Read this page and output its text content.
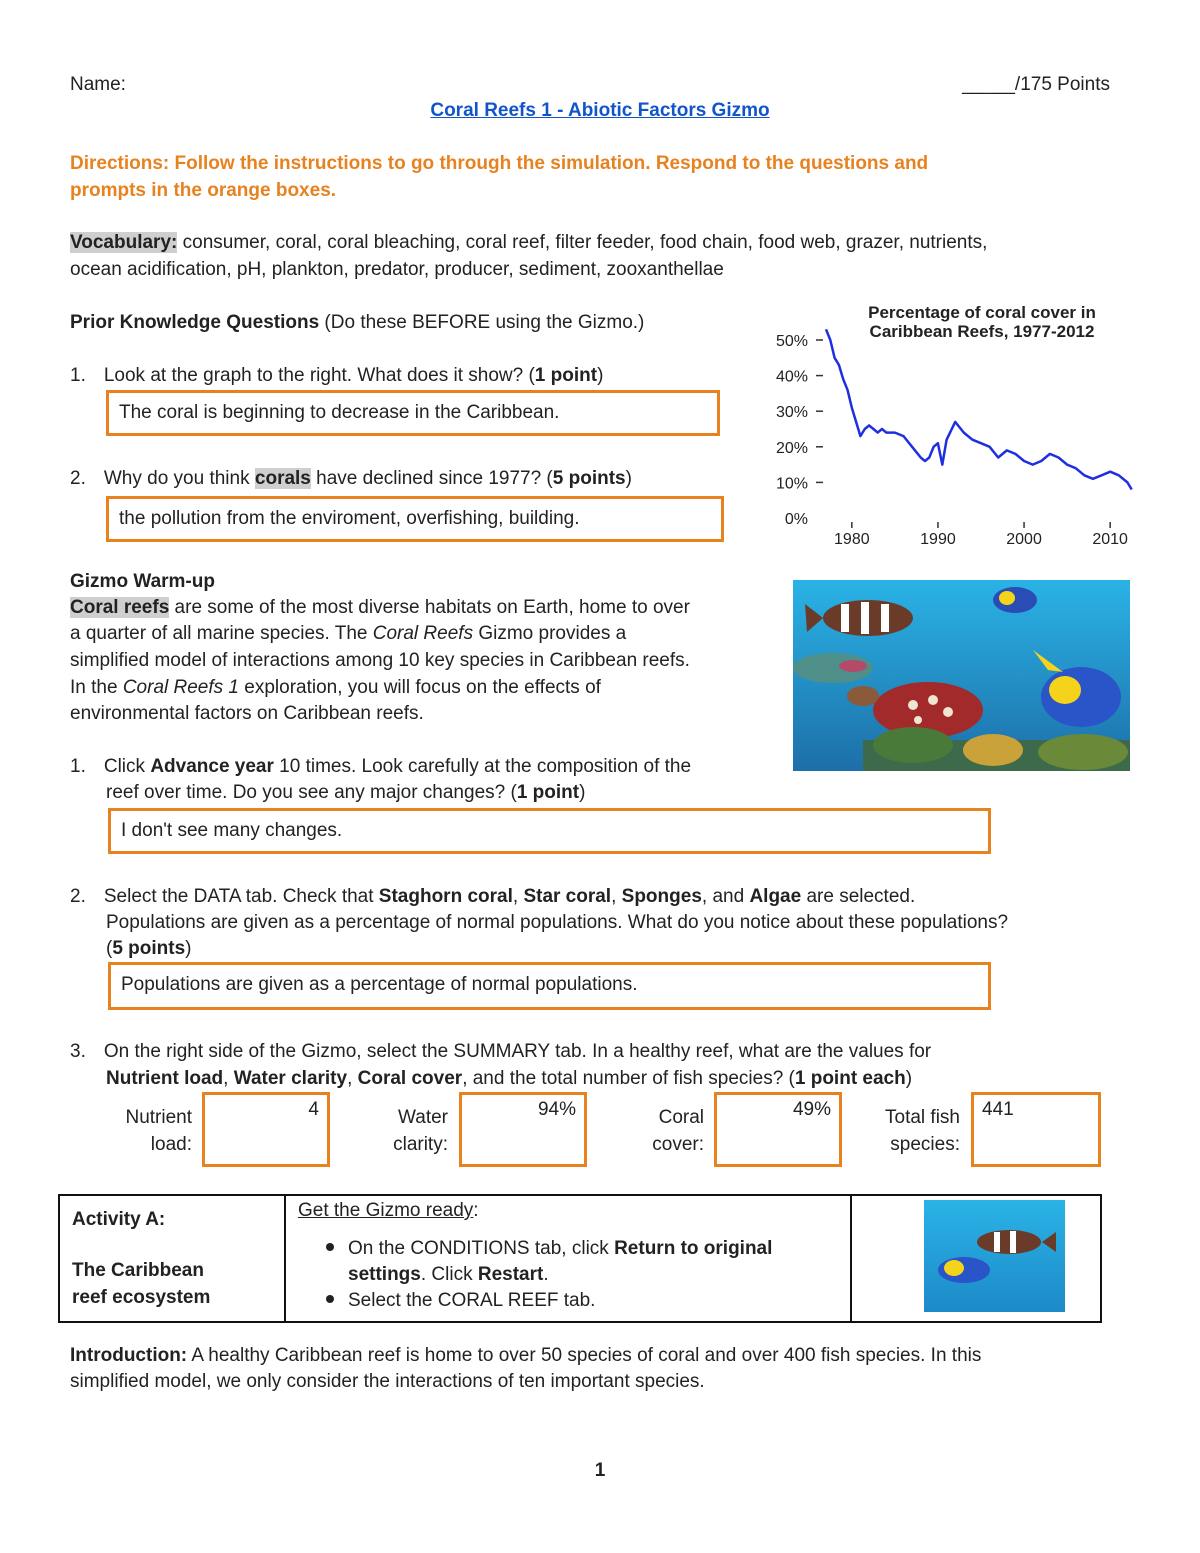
Name:	_____/175 Points
Coral Reefs 1 - Abiotic Factors Gizmo
Directions: Follow the instructions to go through the simulation. Respond to the questions and
prompts in the orange boxes.
Vocabulary: consumer, coral, coral bleaching, coral reef, filter feeder, food chain, food web, grazer, nutrients,
ocean acidification, pH, plankton, predator, producer, sediment, zooxanthellae
Prior Knowledge Questions (Do these BEFORE using the Gizmo.)
1. Look at the graph to the right. What does it show? (1 point)
The coral is beginning to decrease in the Caribbean.
2. Why do you think corals have declined since 1977? (5 points)
the pollution from the enviroment, overfishing, building.
Percentage of coral cover in
Caribbean Reefs, 1977-2012
50%
40%
30%
20%
10%
0%
1980	1990	2000	2010
Gizmo Warm-up
Coral reefs are some of the most diverse habitats on Earth, home to over
a quarter of all marine species. The Coral Reefs Gizmo provides a
simplified model of interactions among 10 key species in Caribbean reefs.
In the Coral Reefs 1 exploration, you will focus on the effects of
environmental factors on Caribbean reefs.
1. Click Advance year 10 times. Look carefully at the composition of the
reef over time. Do you see any major changes? (1 point)
I don't see many changes.
2. Select the DATA tab. Check that Staghorn coral, Star coral, Sponges, and Algae are selected.
Populations are given as a percentage of normal populations. What do you notice about these populations?
(5 points)
Populations are given as a percentage of normal populations.
3. On the right side of the Gizmo, select the SUMMARY tab. In a healthy reef, what are the values for
Nutrient load, Water clarity, Coral cover, and the total number of fish species? (1 point each)
Nutrient
load:
4	Water
clarity:
94%	Coral
cover:
49%	Total fish
species:
441
Activity A:
The Caribbean
reef ecosystem

Get the Gizmo ready:
On the CONDITIONS tab, click Return to original
settings. Click Restart.
Select the CORAL REEF tab.

Introduction: A healthy Caribbean reef is home to over 50 species of coral and over 400 fish species. In this
simplified model, we only consider the interactions of ten important species.
1
